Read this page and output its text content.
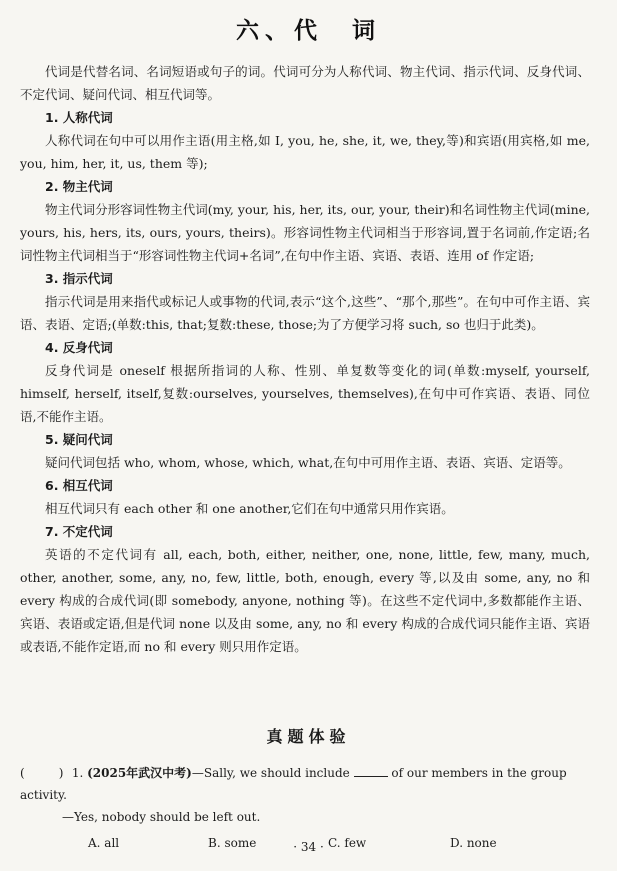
六、代　词

代词是代替名词、名词短语或句子的词。代词可分为人称代词、物主代词、指示代词、反身代词、不定代词、疑问代词、相互代词等。

1. 人称代词

人称代词在句中可以用作主语(用主格,如 I, you, he, she, it, we, they,等)和宾语(用宾格,如 me, you, him, her, it, us, them 等);

2. 物主代词

物主代词分形容词性物主代词(my, your, his, her, its, our, your, their)和名词性物主代词(mine, yours, his, hers, its, ours, yours, theirs)。形容词性物主代词相当于形容词,置于名词前,作定语;名词性物主代词相当于“形容词性物主代词+名词”,在句中作主语、宾语、表语、连用 of 作定语;

3. 指示代词

指示代词是用来指代或标记人或事物的代词,表示“这个,这些”、“那个,那些”。在句中可作主语、宾语、表语、定语;(单数:this, that;复数:these, those;为了方便学习将 such, so 也归于此类)。

4. 反身代词

反身代词是 oneself 根据所指词的人称、性别、单复数等变化的词(单数:myself, yourself, himself, herself, itself,复数:ourselves, yourselves, themselves),在句中可作宾语、表语、同位语,不能作主语。

5. 疑问代词

疑问代词包括 who, whom, whose, which, what,在句中可用作主语、表语、宾语、定语等。

6. 相互代词

相互代词只有 each other 和 one another,它们在句中通常只用作宾语。

7. 不定代词

英语的不定代词有 all, each, both, either, neither, one, none, little, few, many, much, other, another, some, any, no, few, little, both, enough, every 等,以及由 some, any, no 和 every 构成的合成代词(即 somebody, anyone, nothing 等)。在这些不定代词中,多数都能作主语、宾语、表语或定语,但是代词 none 以及由 some, any, no 和 every 构成的合成代词只能作主语、宾语或表语,不能作定语,而 no 和 every 则只用作定语。

真题体验
(	) 1. (2025年武汉中考)—Sally, we should include	of our members in the group activity.
—Yes, nobody should be left out.
A. all	B. some	C. few	D. none
· 34 ·
